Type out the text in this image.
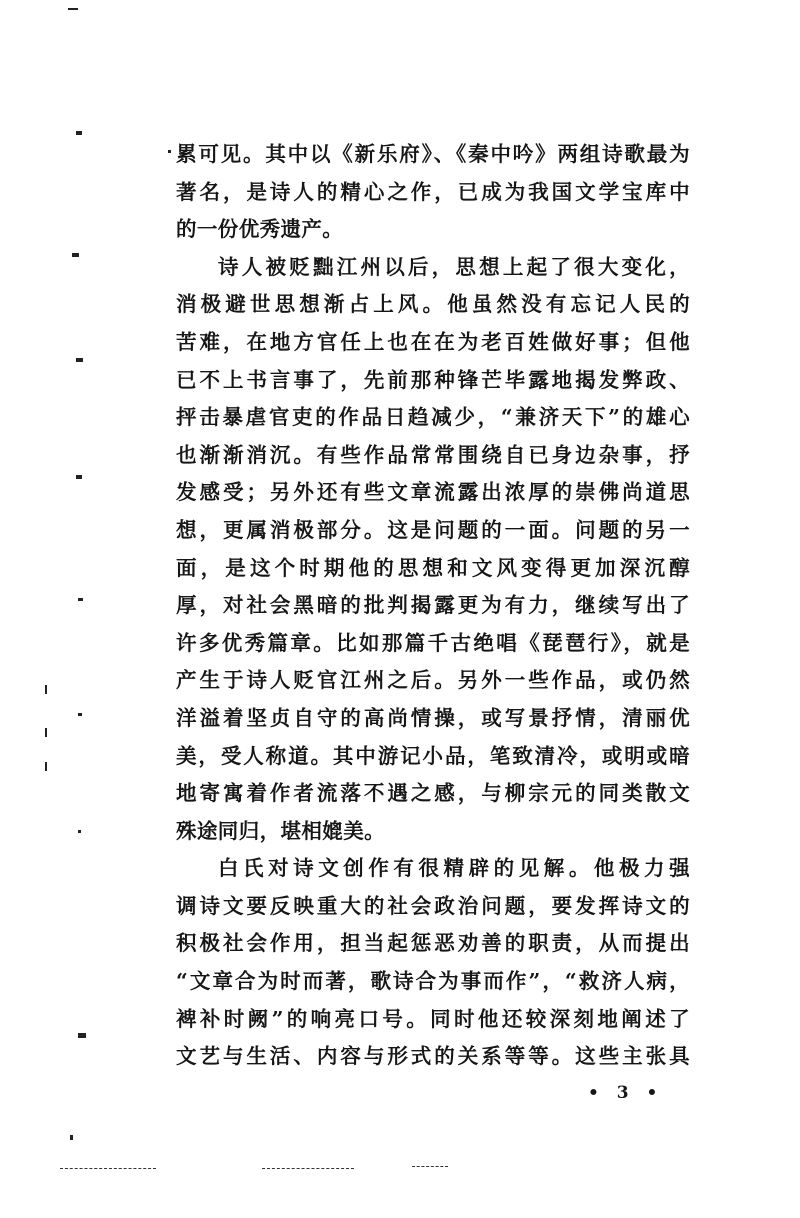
累可见。其中以《新乐府》、《秦中吟》两组诗歌最为
著名，是诗人的精心之作，已成为我国文学宝库中
的一份优秀遗产。
诗人被贬黜江州以后，思想上起了很大变化，
消极避世思想渐占上风。他虽然没有忘记人民的
苦难，在地方官任上也在在为老百姓做好事；但他
已不上书言事了，先前那种锋芒毕露地揭发弊政、
抨击暴虐官吏的作品日趋减少，“兼济天下”的雄心
也渐渐消沉。有些作品常常围绕自已身边杂事，抒
发感受；另外还有些文章流露出浓厚的崇佛尚道思
想，更属消极部分。这是问题的一面。问题的另一
面，是这个时期他的思想和文风变得更加深沉醇
厚，对社会黑暗的批判揭露更为有力，继续写出了
许多优秀篇章。比如那篇千古绝唱《琵琶行》，就是
产生于诗人贬官江州之后。另外一些作品，或仍然
洋溢着坚贞自守的高尚情操，或写景抒情，清丽优
美，受人称道。其中游记小品，笔致清冷，或明或暗
地寄寓着作者流落不遇之感，与柳宗元的同类散文
殊途同归，堪相媲美。
白氏对诗文创作有很精辟的见解。他极力强
调诗文要反映重大的社会政治问题，要发挥诗文的
积极社会作用，担当起惩恶劝善的职责，从而提出
“文章合为时而著，歌诗合为事而作”，“救济人病，
裨补时阙”的响亮口号。同时他还较深刻地阐述了
文艺与生活、内容与形式的关系等等。这些主张具
• 3 •
